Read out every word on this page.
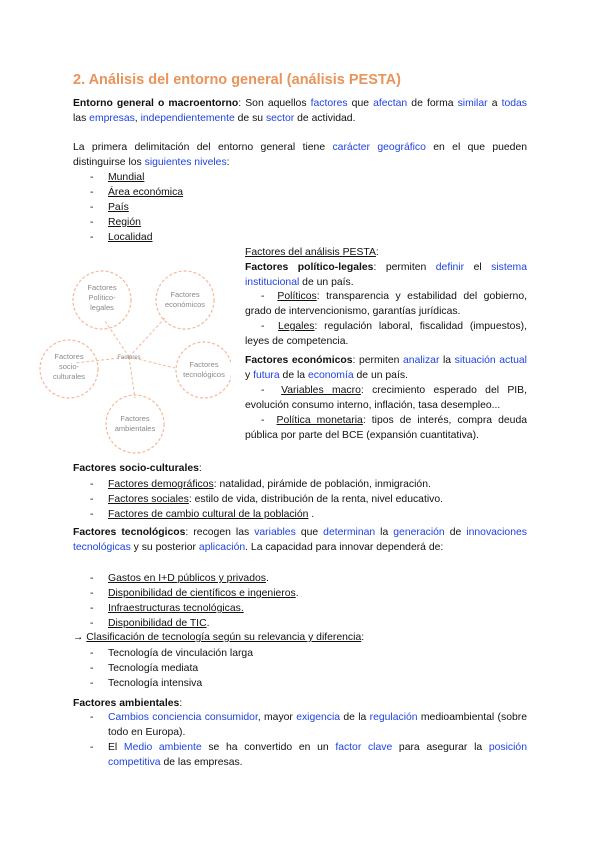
2. Análisis del entorno general (análisis PESTA)

Entorno general o macroentorno: Son aquellos factores que afectan de forma similar a todas las empresas, independientemente de su sector de actividad.

La primera delimitación del entorno general tiene carácter geográfico en el que pueden distinguirse los siguientes niveles:

- Mundial
- Área económica
- País
- Región
- Localidad
Factores
Político-
legales
Factores
económicos
Factores
socio-
culturales
Factores
tecnológicos
Factores
ambientales
Factores

Factores del análisis PESTA:

Factores político-legales: permiten definir el sistema institucional de un país.

-  Políticos: transparencia y estabilidad del gobierno, grado de intervencionismo, garantías jurídicas.

-  Legales: regulación laboral, fiscalidad (impuestos), leyes de competencia.

Factores económicos: permiten analizar la situación actual y futura de la economía de un país.

-  Variables macro: crecimiento esperado del PIB, evolución consumo interno, inflación, tasa desempleo...

-  Política monetaria: tipos de interés, compra deuda pública por parte del BCE (expansión cuantitativa).

Factores socio-culturales:

- Factores demográficos: natalidad, pirámide de población, inmigración.
- Factores sociales: estilo de vida, distribución de la renta, nivel educativo.
- Factores de cambio cultural de la población .

Factores tecnológicos: recogen las variables que determinan la generación de innovaciones tecnológicas y su posterior aplicación. La capacidad para innovar dependerá de:

- Gastos en I+D públicos y privados.
- Disponibilidad de científicos e ingenieros.
- Infraestructuras tecnológicas.
- Disponibilidad de TIC.

→ Clasificación de tecnología según su relevancia y diferencia:

- Tecnología de vinculación larga
- Tecnología mediata
- Tecnología intensiva

Factores ambientales:

- Cambios conciencia consumidor, mayor exigencia de la regulación medioambiental (sobre todo en Europa).
- El Medio ambiente se ha convertido en un factor clave para asegurar la posición competitiva de las empresas.
